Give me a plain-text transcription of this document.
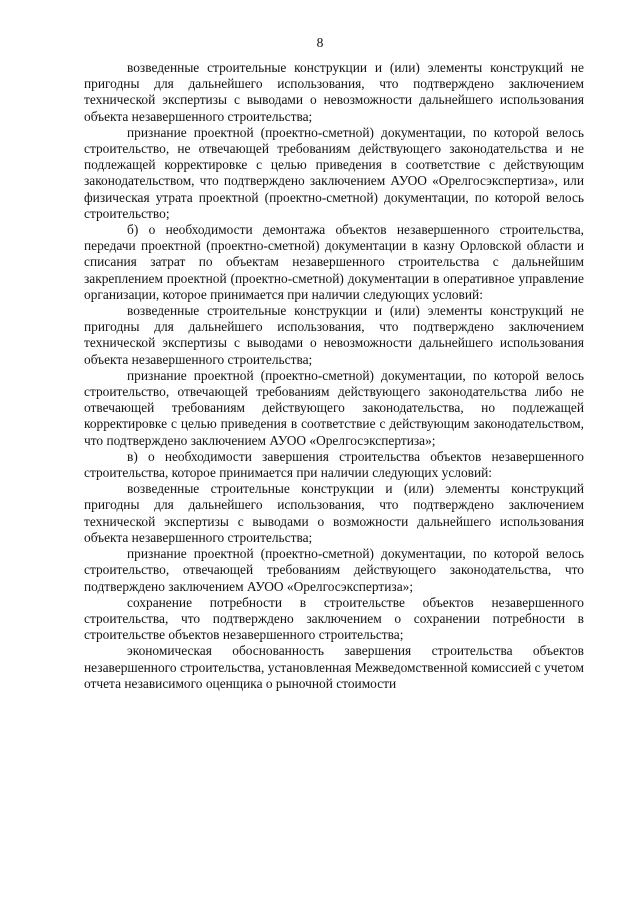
8

возведенные строительные конструкции и (или) элементы конструкций не пригодны для дальнейшего использования, что подтверждено заключением технической экспертизы с выводами о невозможности дальнейшего использования объекта незавершенного строительства;

признание проектной (проектно-сметной) документации, по которой велось строительство, не отвечающей требованиям действующего законодательства и не подлежащей корректировке с целью приведения в соответствие с действующим законодательством, что подтверждено заключением АУОО «Орелгосэкспертиза», или физическая утрата проектной (проектно-сметной) документации, по которой велось строительство;

б) о необходимости демонтажа объектов незавершенного строительства, передачи проектной (проектно-сметной) документации в казну Орловской области и списания затрат по объектам незавершенного строительства с дальнейшим закреплением проектной (проектно-сметной) документации в оперативное управление организации, которое принимается при наличии следующих условий:

возведенные строительные конструкции и (или) элементы конструкций не пригодны для дальнейшего использования, что подтверждено заключением технической экспертизы с выводами о невозможности дальнейшего использования объекта незавершенного строительства;

признание проектной (проектно-сметной) документации, по которой велось строительство, отвечающей требованиям действующего законодательства либо не отвечающей требованиям действующего законодательства, но подлежащей корректировке с целью приведения в соответствие с действующим законодательством, что подтверждено заключением АУОО «Орелгосэкспертиза»;

в) о необходимости завершения строительства объектов незавершенного строительства, которое принимается при наличии следующих условий:

возведенные строительные конструкции и (или) элементы конструкций пригодны для дальнейшего использования, что подтверждено заключением технической экспертизы с выводами о возможности дальнейшего использования объекта незавершенного строительства;

признание проектной (проектно-сметной) документации, по которой велось строительство, отвечающей требованиям действующего законодательства, что подтверждено заключением АУОО «Орелгосэкспертиза»;

сохранение потребности в строительстве объектов незавершенного строительства, что подтверждено заключением о сохранении потребности в строительстве объектов незавершенного строительства;

экономическая обоснованность завершения строительства объектов незавершенного строительства, установленная Межведомственной комиссией с учетом отчета независимого оценщика о рыночной стоимости
